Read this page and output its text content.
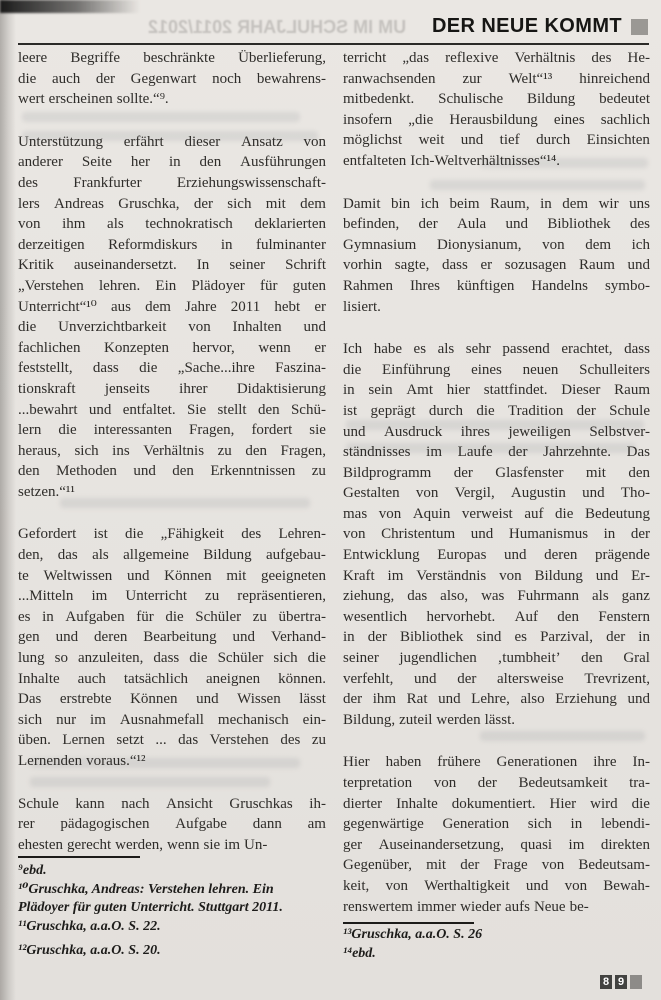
UM IM SCHULJAHR 2011/2012 DER NEUE KOMMT
leere Begriffe beschränkte Überlieferung,
die auch der Gegenwart noch bewahrens-
wert erscheinen sollte.“⁹.
Unterstützung erfährt dieser Ansatz von
anderer Seite her in den Ausführungen
des Frankfurter Erziehungswissenschaft-
lers Andreas Gruschka, der sich mit dem
von ihm als technokratisch deklarierten
derzeitigen Reformdiskurs in fulminanter
Kritik auseinandersetzt. In seiner Schrift
„Verstehen lehren. Ein Plädoyer für guten
Unterricht“¹⁰ aus dem Jahre 2011 hebt er
die Unverzichtbarkeit von Inhalten und
fachlichen Konzepten hervor, wenn er
feststellt, dass die „Sache...ihre Faszina-
tionskraft jenseits ihrer Didaktisierung
...bewahrt und entfaltet. Sie stellt den Schü-
lern die interessanten Fragen, fordert sie
heraus, sich ins Verhältnis zu den Fragen,
den Methoden und den Erkenntnissen zu
setzen.“¹¹
Gefordert ist die „Fähigkeit des Lehren-
den, das als allgemeine Bildung aufgebau-
te Weltwissen und Können mit geeigneten
...Mitteln im Unterricht zu repräsentieren,
es in Aufgaben für die Schüler zu übertra-
gen und deren Bearbeitung und Verhand-
lung so anzuleiten, dass die Schüler sich die
Inhalte auch tatsächlich aneignen können.
Das erstrebte Können und Wissen lässt
sich nur im Ausnahmefall mechanisch ein-
üben. Lernen setzt ... das Verstehen des zu
Lernenden voraus.“¹²
Schule kann nach Ansicht Gruschkas ih-
rer pädagogischen Aufgabe dann am
ehesten gerecht werden, wenn sie im Un-
terricht „das reflexive Verhältnis des He-
ranwachsenden zur Welt“¹³ hinreichend
mitbedenkt. Schulische Bildung bedeutet
insofern „die Herausbildung eines sachlich
möglichst weit und tief durch Einsichten
entfalteten Ich-Weltverhältnisses“¹⁴.
Damit bin ich beim Raum, in dem wir uns
befinden, der Aula und Bibliothek des
Gymnasium Dionysianum, von dem ich
vorhin sagte, dass er sozusagen Raum und
Rahmen Ihres künftigen Handelns symbo-
lisiert.
Ich habe es als sehr passend erachtet, dass
die Einführung eines neuen Schulleiters
in sein Amt hier stattfindet. Dieser Raum
ist geprägt durch die Tradition der Schule
und Ausdruck ihres jeweiligen Selbstver-
ständnisses im Laufe der Jahrzehnte. Das
Bildprogramm der Glasfenster mit den
Gestalten von Vergil, Augustin und Tho-
mas von Aquin verweist auf die Bedeutung
von Christentum und Humanismus in der
Entwicklung Europas und deren prägende
Kraft im Verständnis von Bildung und Er-
ziehung, das also, was Fuhrmann als ganz
wesentlich hervorhebt. Auf den Fenstern
in der Bibliothek sind es Parzival, der in
seiner jugendlichen ‚tumbheit’ den Gral
verfehlt, und der altersweise Trevrizent,
der ihm Rat und Lehre, also Erziehung und
Bildung, zuteil werden lässt.
Hier haben frühere Generationen ihre In-
terpretation von der Bedeutsamkeit tra-
dierter Inhalte dokumentiert. Hier wird die
gegenwärtige Generation sich in lebendi-
ger Auseinandersetzung, quasi im direkten
Gegenüber, mit der Frage von Bedeutsam-
keit, von Werthaltigkeit und von Bewah-
renswertem immer wieder aufs Neue be-
⁹ebd.
¹⁰Gruschka, Andreas: Verstehen lehren. Ein
Plädoyer für guten Unterricht. Stuttgart 2011.
¹¹Gruschka, a.a.O. S. 22.
¹²Gruschka, a.a.O. S. 20.
¹³Gruschka, a.a.O. S. 26
¹⁴ebd.
8 9
